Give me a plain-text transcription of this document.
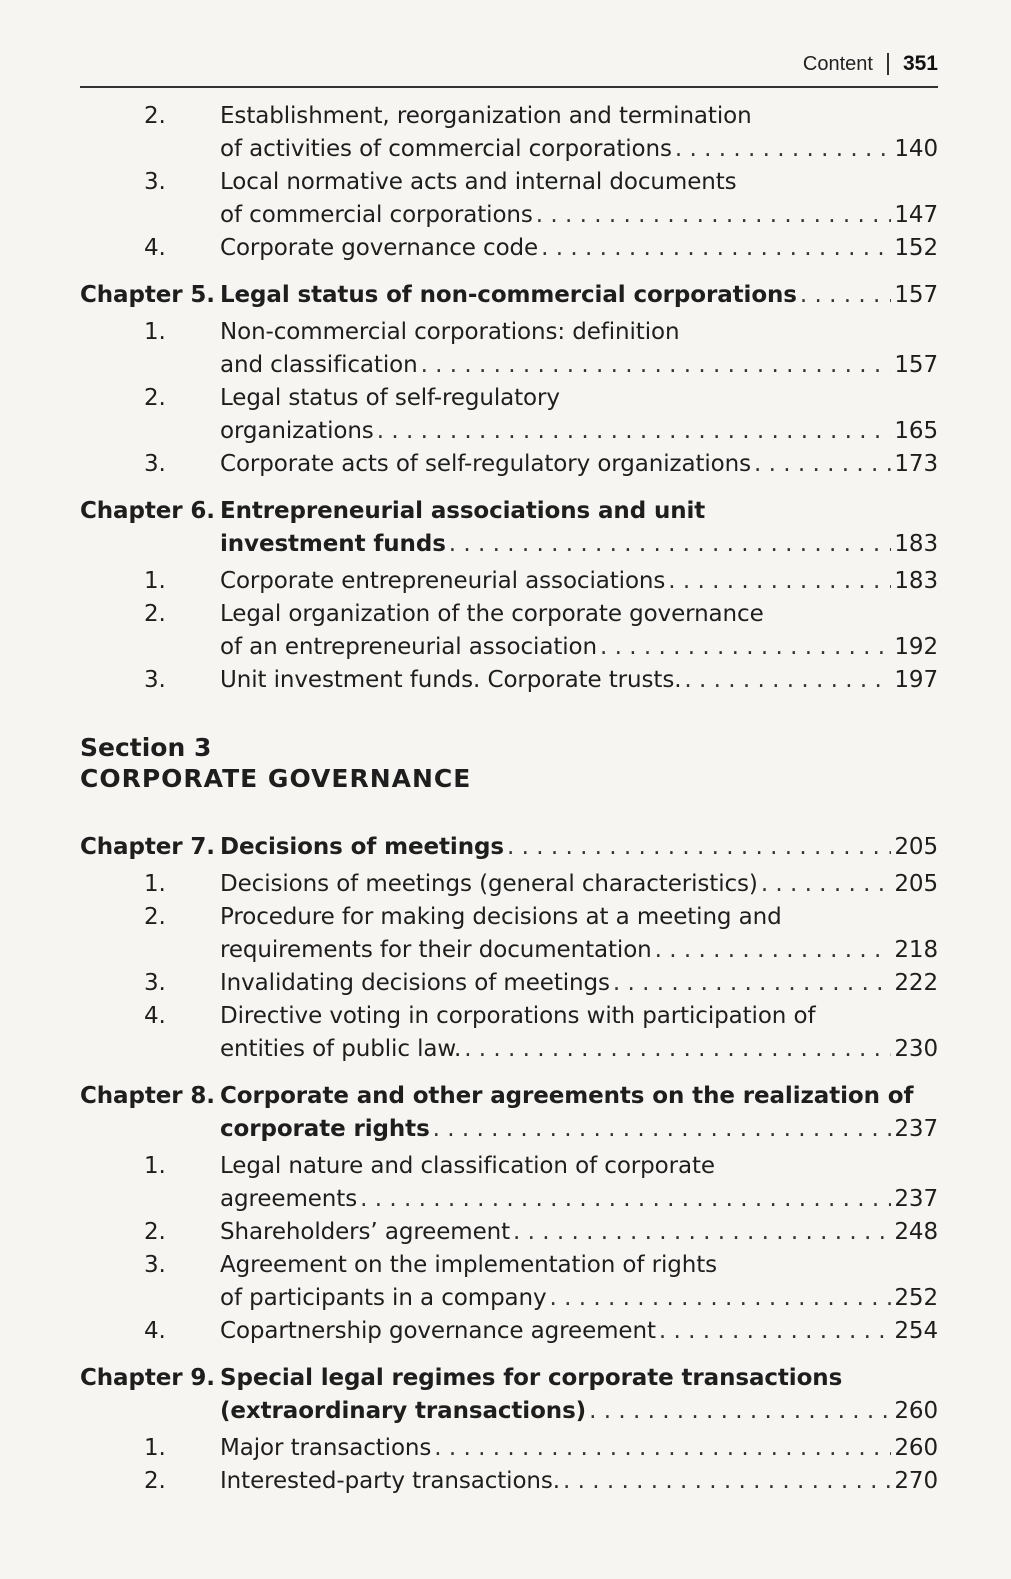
Content 351
2.	Establishment, reorganization and termination
of activities of commercial corporations . . .	140
3.	Local normative acts and internal documents
of commercial corporations . . .	147
4.	Corporate governance code . . .	152
Chapter 5. Legal status of non-commercial corporations . . .	157
1.	Non-commercial corporations: definition
and classification . . .	157
2.	Legal status of self-regulatory
organizations . . .	165
3.	Corporate acts of self-regulatory organizations . . .	173
Chapter 6. Entrepreneurial associations and unit
investment funds . . .	183
1.	Corporate entrepreneurial associations . . .	183
2.	Legal organization of the corporate governance
of an entrepreneurial association . . .	192
3.	Unit investment funds. Corporate trusts. . . .	197
Section 3
CORPORATE GOVERNANCE
Chapter 7. Decisions of meetings . . .	205
1.	Decisions of meetings (general characteristics) . . .	205
2.	Procedure for making decisions at a meeting and
requirements for their documentation . . .	218
3.	Invalidating decisions of meetings . . .	222
4.	Directive voting in corporations with participation of
entities of public law. . . .	230
Chapter 8. Corporate and other agreements on the realization of
corporate rights . . .	237
1.	Legal nature and classification of corporate
agreements . . .	237
2.	Shareholders’ agreement . . .	248
3.	Agreement on the implementation of rights
of participants in a company . . .	252
4.	Copartnership governance agreement . . .	254
Chapter 9. Special legal regimes for corporate transactions
(extraordinary transactions) . . .	260
1.	Major transactions . . .	260
2.	Interested-party transactions. . . .	270
